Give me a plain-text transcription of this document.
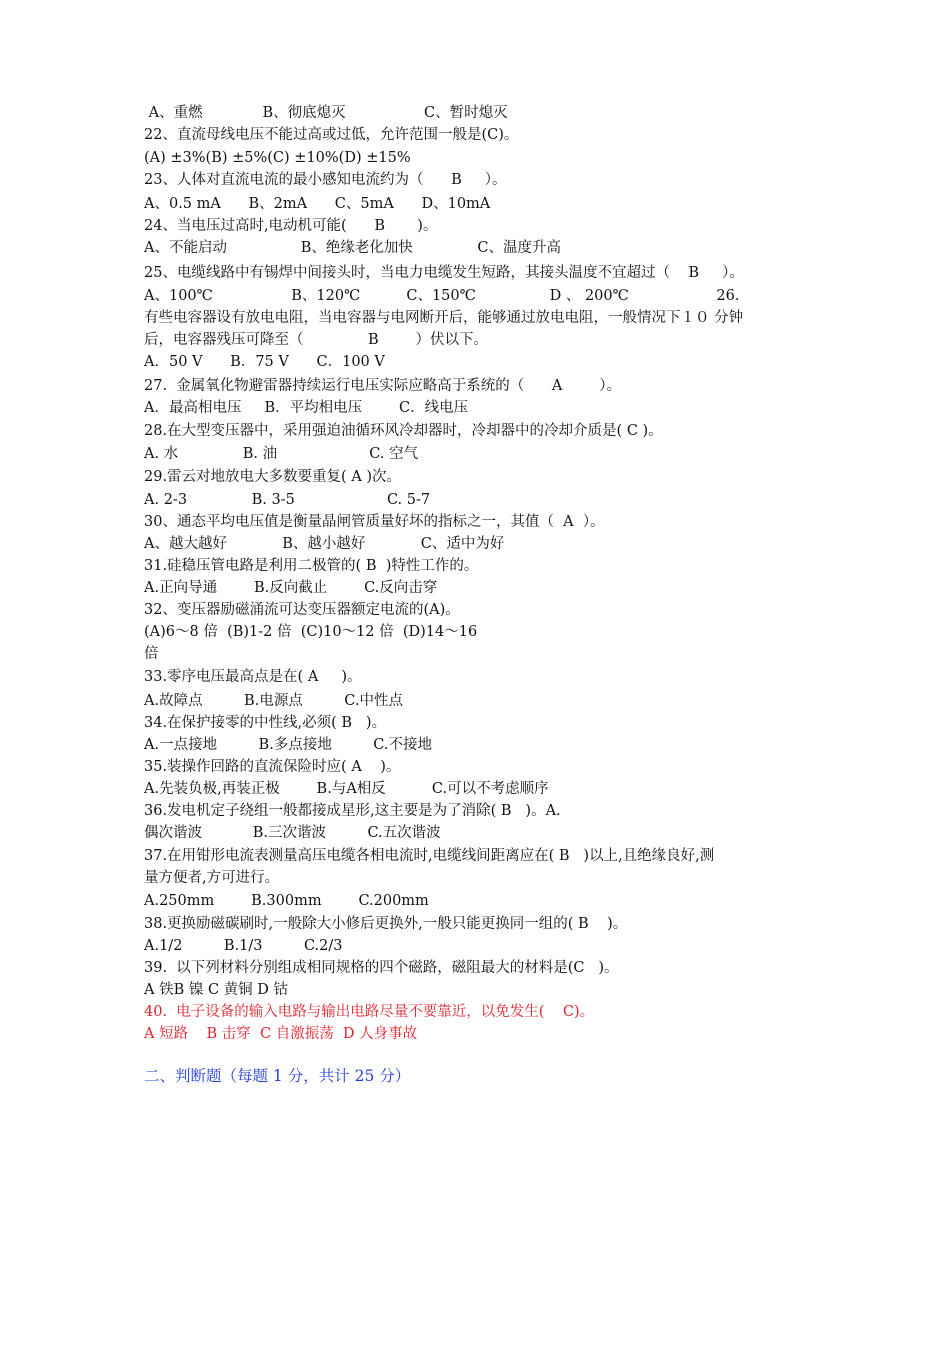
A、重燃             B、彻底熄灭                 C、暂时熄灭
22、直流母线电压不能过高或过低，允许范围一般是(C)。
(A) ±3%(B) ±5%(C) ±10%(D) ±15%
23、人体对直流电流的最小感知电流约为（      B     ）。
A、0.5 mA      B、2mA      C、5mA      D、10mA
24、当电压过高时,电动机可能(      B       )。
A、不能启动                B、绝缘老化加快              C、温度升高
25、电缆线路中有锡焊中间接头时，当电力电缆发生短路，其接头温度不宜超过（    B     ）。
A、100℃                 B、120℃          C、150℃                D 、 200℃                   26.
有些电容器设有放电电阻，当电容器与电网断开后，能够通过放电电阻，一般情况下１０ 分钟
后，电容器残压可降至（              B        ）伏以下。
A．50 V      B．75 V      C．100 V
27.  金属氧化物避雷器持续运行电压实际应略高于系统的（      A        ）。
A．最高相电压     B．平均相电压        C．线电压
28.在大型变压器中，采用强迫油循环风冷却器时，冷却器中的冷却介质是( C )。
A. 水              B. 油                    C. 空气
29.雷云对地放电大多数要重复( A )次。
A. 2-3              B. 3-5                    C. 5-7
30、通态平均电压值是衡量晶闸管质量好坏的指标之一，其值（  A  ）。
A、越大越好            B、越小越好            C、适中为好
31.硅稳压管电路是利用二极管的( B  )特性工作的。
A.正向导通        B.反向截止        C.反向击穿
32、变压器励磁涌流可达变压器额定电流的(A)。
(A)6～8 倍  (B)1-2 倍  (C)10～12 倍  (D)14～16
倍
33.零序电压最高点是在( A     )。
A.故障点         B.电源点         C.中性点
34.在保护接零的中性线,必须( B   )。
A.一点接地         B.多点接地         C.不接地
35.装操作回路的直流保险时应( A    )。
A.先装负极,再装正极        B.与A相反          C.可以不考虑顺序
36.发电机定子绕组一般都接成星形,这主要是为了消除( B   )。A.
偶次谐波           B.三次谐波         C.五次谐波
37.在用钳形电流表测量高压电缆各相电流时,电缆线间距离应在( B   )以上,且绝缘良好,测
量方便者,方可进行。
A.250mm        B.300mm        C.200mm
38.更换励磁碳刷时,一般除大小修后更换外,一般只能更换同一组的( B    )。
A.1/2         B.1/3         C.2/3
39.  以下列材料分别组成相同规格的四个磁路，磁阻最大的材料是(C   )。
A 铁B 镍 C 黄铜 D 钴
40.  电子设备的输入电路与输出电路尽量不要靠近，以免发生(    C)。
A 短路    B 击穿  C 自激振荡  D 人身事故
二、判断题（每题 1 分，共计 25 分）
